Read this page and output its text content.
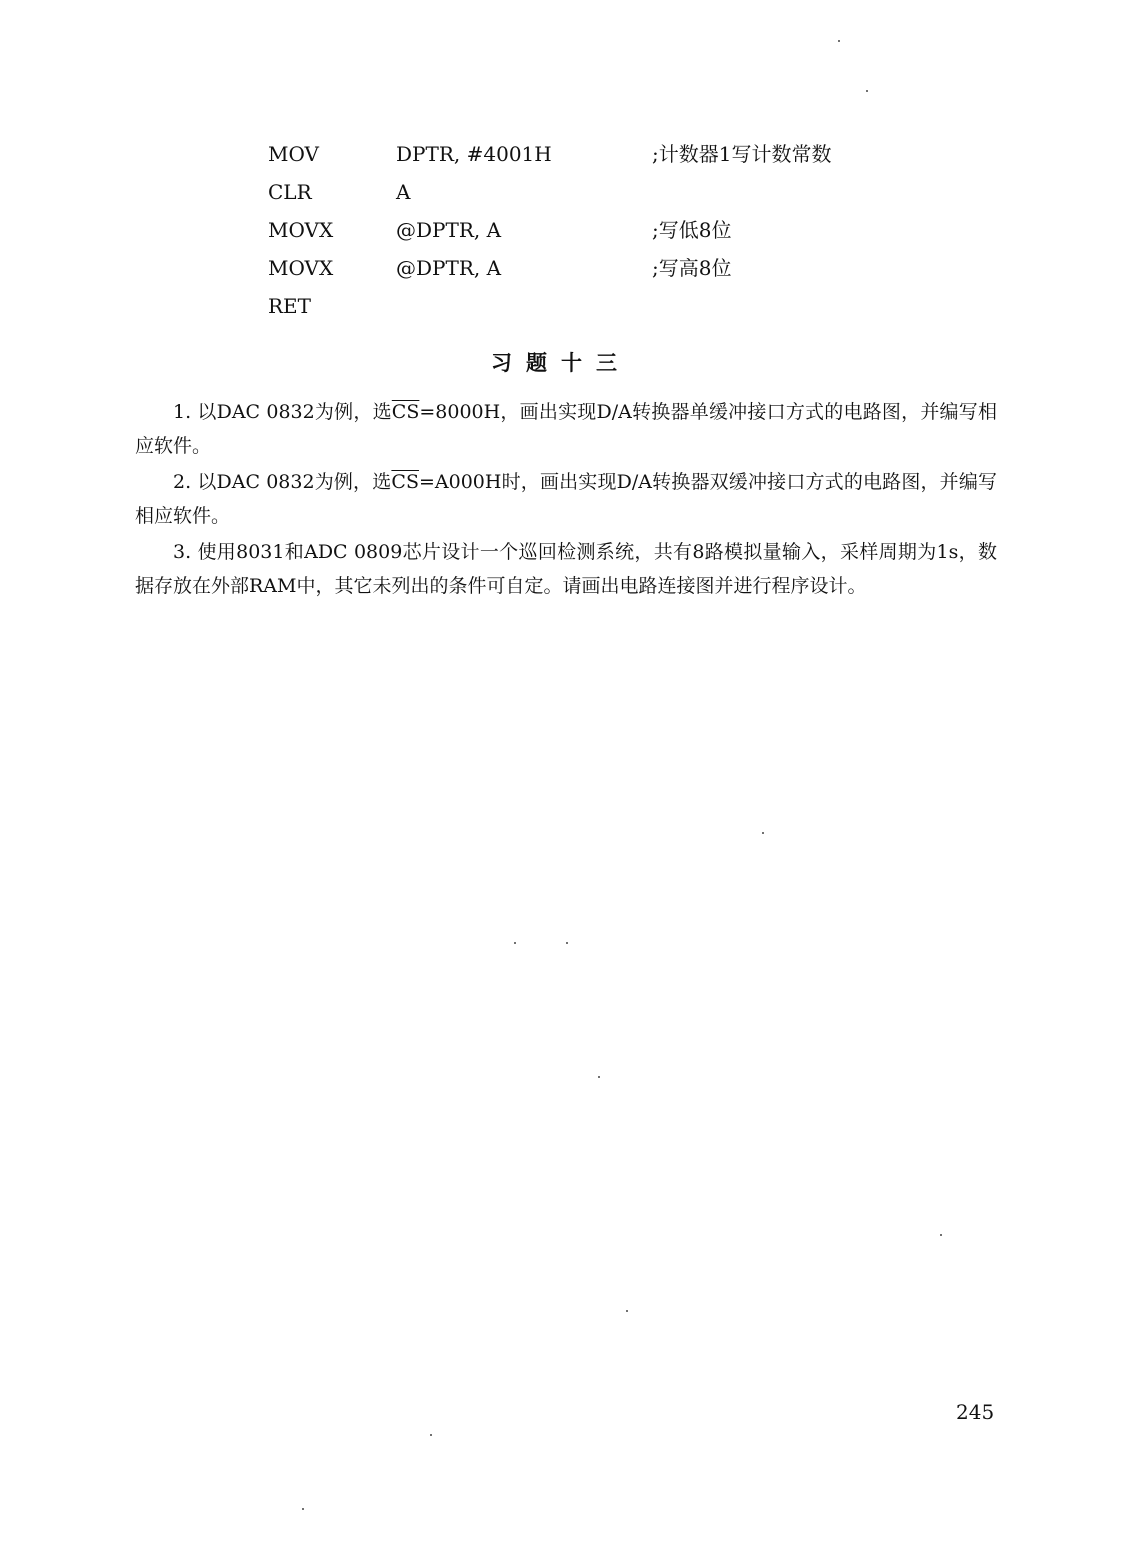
MOV	DPTR, #4001H	;计数器1写计数常数
CLR	A
MOVX	@DPTR, A	;写低8位
MOVX	@DPTR, A	;写高8位
RET
习题十三

1. 以DAC 0832为例，选$\overline{CS}=8000H$，画出实现D/A转换器单缓冲接口方式的电路图，并编写相应软件。

2. 以DAC 0832为例，选$\overline{CS}=A000H$时，画出实现D/A转换器双缓冲接口方式的电路图，并编写相应软件。

3. 使用8031和ADC 0809芯片设计一个巡回检测系统，共有8路模拟量输入，采样周期为1s，数据存放在外部RAM中，其它未列出的条件可自定。请画出电路连接图并进行程序设计。

245
